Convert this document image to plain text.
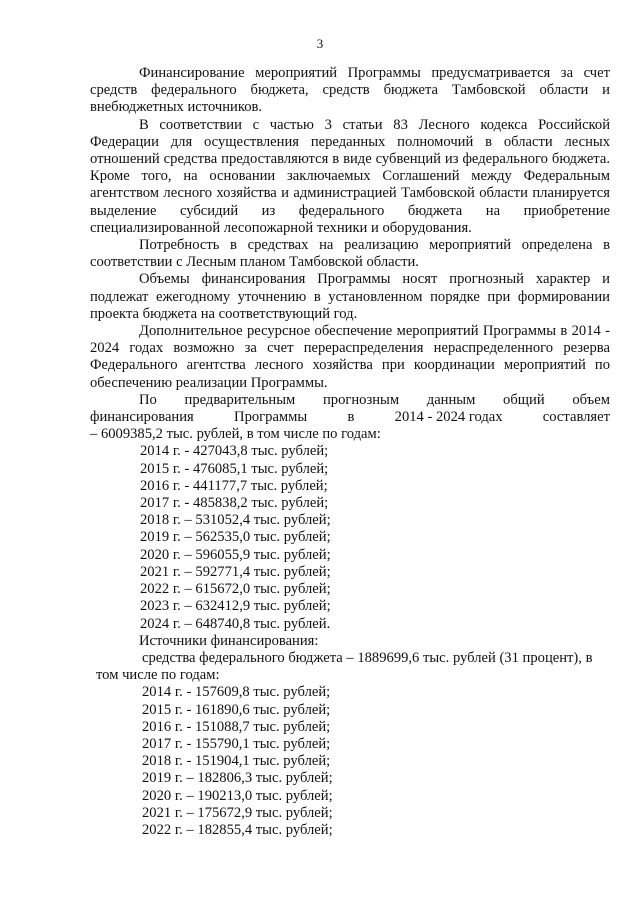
3

Финансирование мероприятий Программы предусматривается за счет средств федерального бюджета, средств бюджета Тамбовской области и внебюджетных источников.

В соответствии с частью 3 статьи 83 Лесного кодекса Российской Федерации для осуществления переданных полномочий в области лесных отношений средства предоставляются в виде субвенций из федерального бюджета. Кроме того, на основании заключаемых Соглашений между Федеральным агентством лесного хозяйства и администрацией Тамбовской области планируется выделение субсидий из федерального бюджета на приобретение специализированной лесопожарной техники и оборудования.

Потребность в средствах на реализацию мероприятий определена в соответствии с Лесным планом Тамбовской области.

Объемы финансирования Программы носят прогнозный характер и подлежат ежегодному уточнению в установленном порядке при формировании проекта бюджета на соответствующий год.

Дополнительное ресурсное обеспечение мероприятий Программы в 2014 - 2024 годах возможно за счет перераспределения нераспределенного резерва Федерального агентства лесного хозяйства при координации мероприятий по обеспечению реализации Программы.

По предварительным прогнозным данным общий объем
финансирования	Программы	в	2014 - 2024 годах	составляет

– 6009385,2 тыс. рублей, в том числе по годам:

2014 г. - 427043,8 тыс. рублей;

2015 г. - 476085,1 тыс. рублей;

2016 г. - 441177,7 тыс. рублей;

2017 г. - 485838,2 тыс. рублей;

2018 г. – 531052,4 тыс. рублей;

2019 г. – 562535,0 тыс. рублей;

2020 г. – 596055,9 тыс. рублей;

2021 г. – 592771,4 тыс. рублей;

2022 г. – 615672,0 тыс. рублей;

2023 г. – 632412,9 тыс. рублей;

2024 г. – 648740,8 тыс. рублей.

Источники финансирования:

средства федерального бюджета – 1889699,6 тыс. рублей (31 процент), в

том числе по годам:

2014 г. - 157609,8 тыс. рублей;

2015 г. - 161890,6 тыс. рублей;

2016 г. - 151088,7 тыс. рублей;

2017 г. - 155790,1 тыс. рублей;

2018 г. - 151904,1 тыс. рублей;

2019 г. – 182806,3 тыс. рублей;

2020 г. – 190213,0 тыс. рублей;

2021 г. – 175672,9 тыс. рублей;

2022 г. – 182855,4 тыс. рублей;
